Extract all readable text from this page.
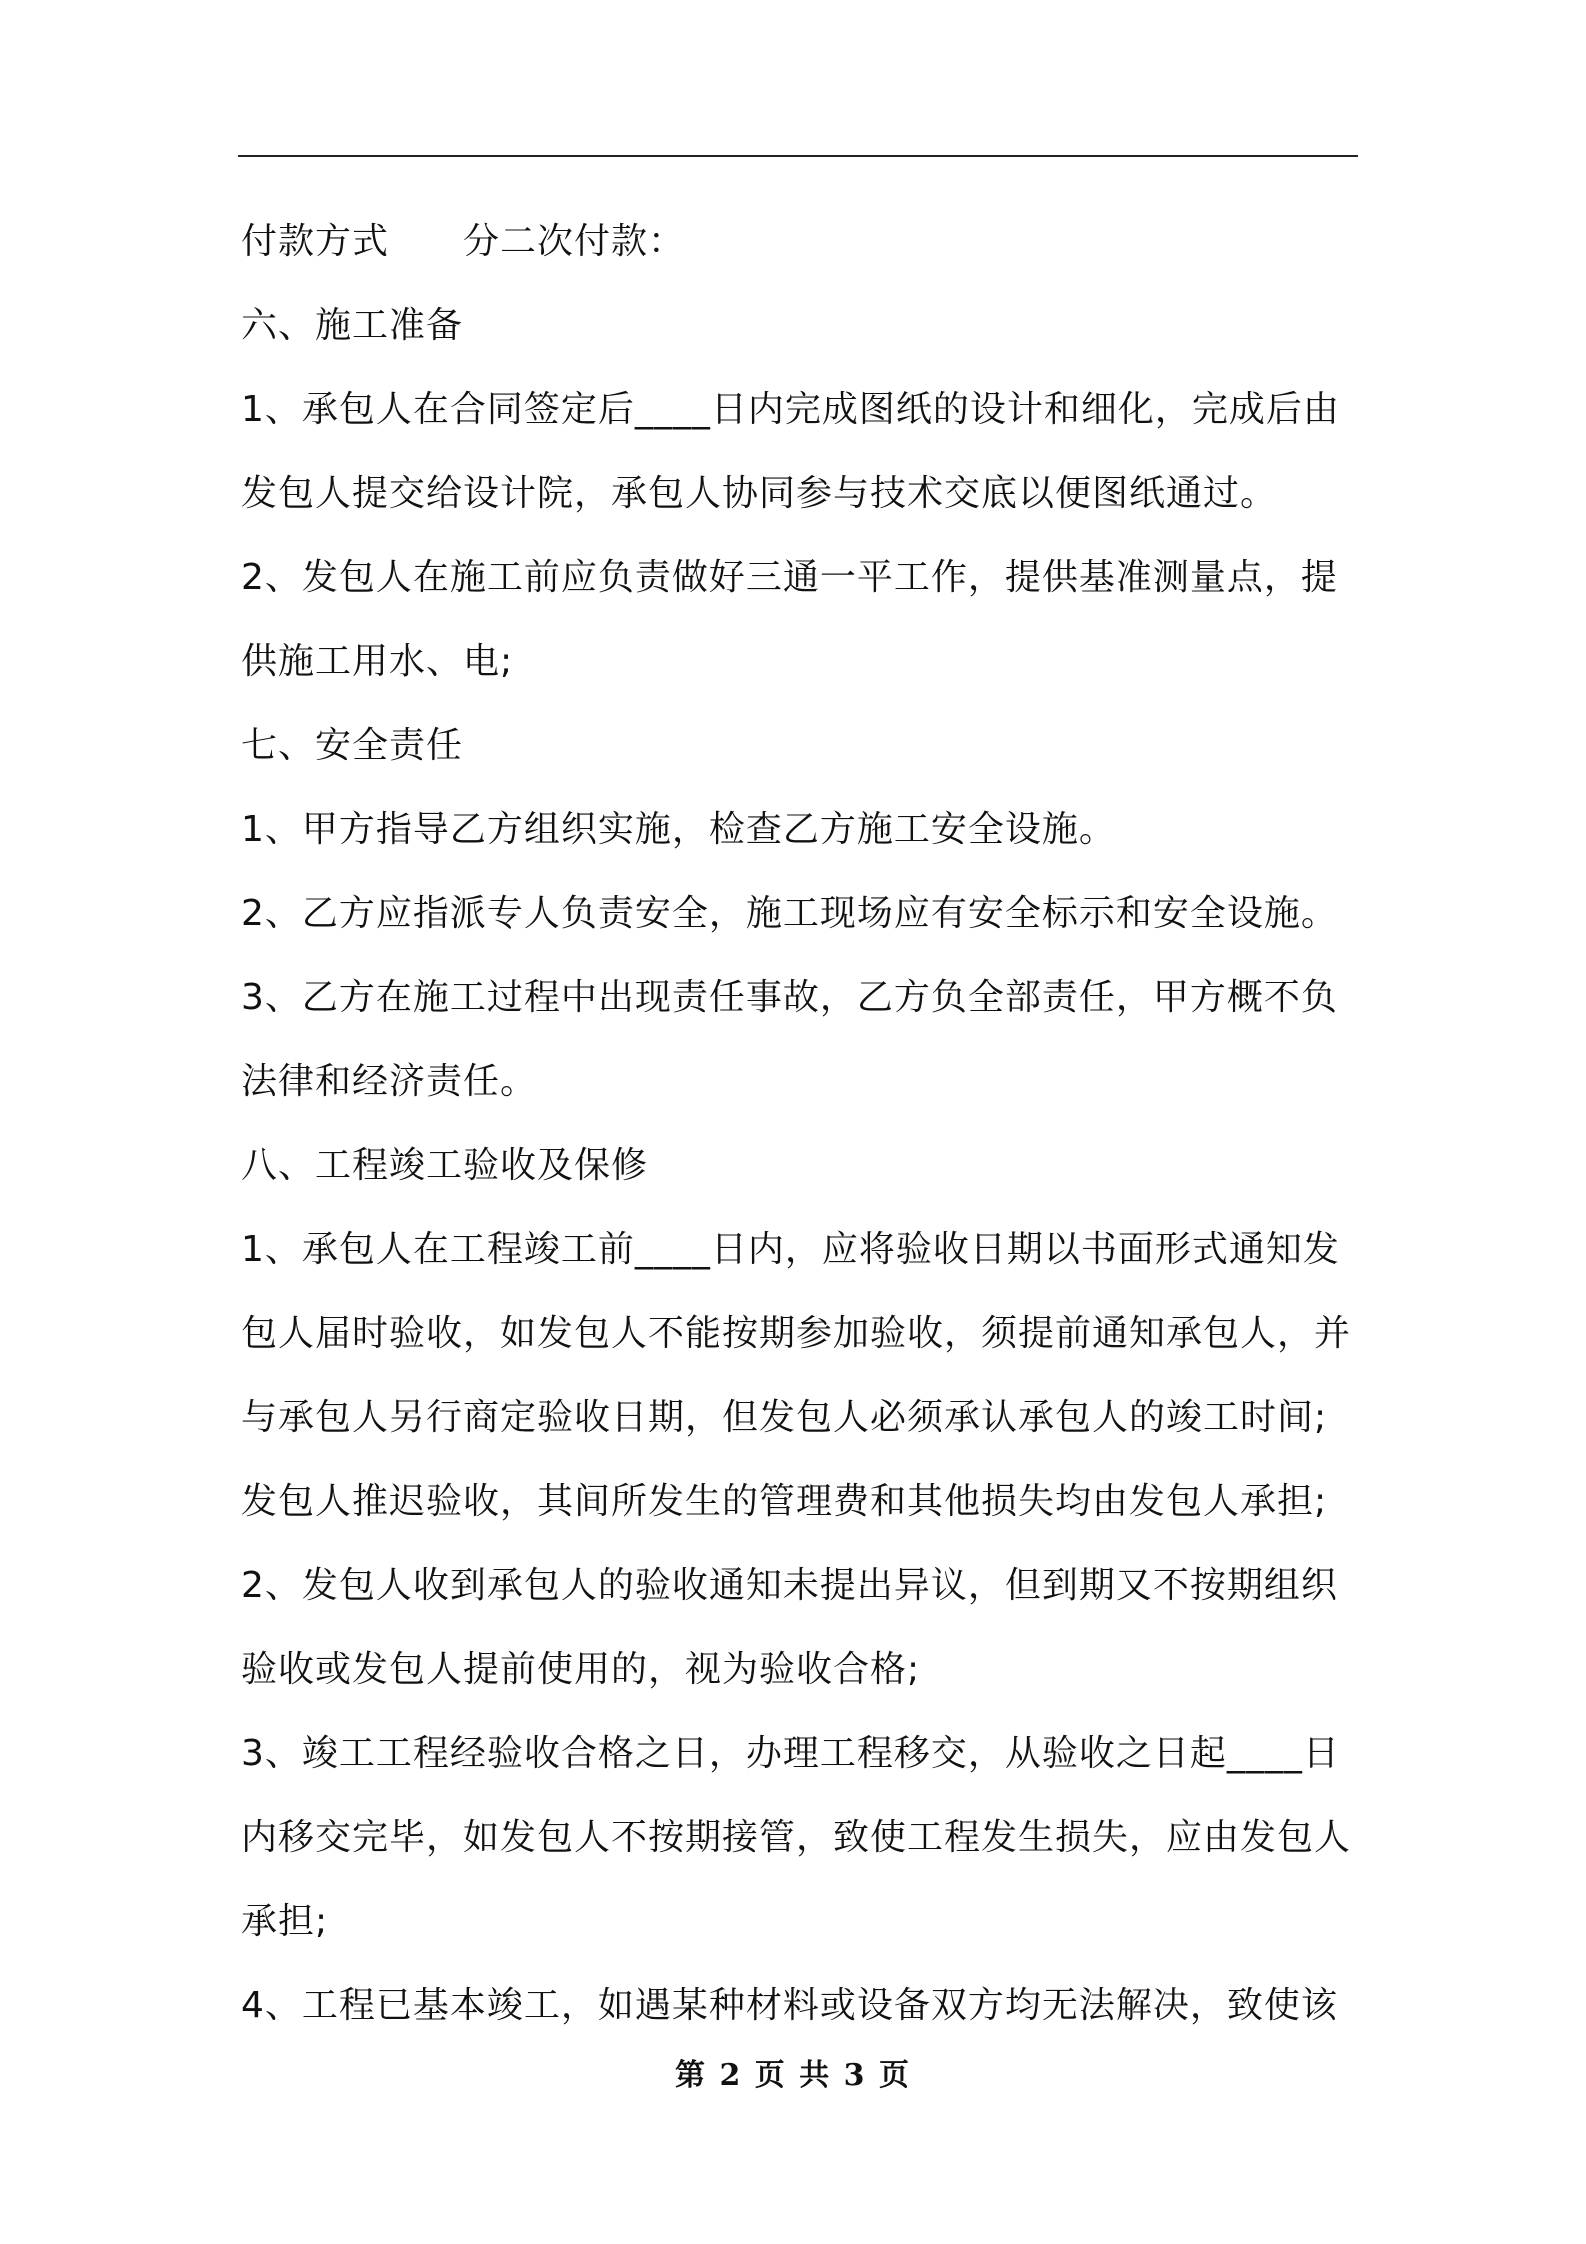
付款方式　　分二次付款：
六、施工准备
1、承包人在合同签定后____日内完成图纸的设计和细化，完成后由
发包人提交给设计院，承包人协同参与技术交底以便图纸通过。
2、发包人在施工前应负责做好三通一平工作，提供基准测量点，提
供施工用水、电;
七、安全责任
1、甲方指导乙方组织实施，检查乙方施工安全设施。
2、乙方应指派专人负责安全，施工现场应有安全标示和安全设施。
3、乙方在施工过程中出现责任事故，乙方负全部责任，甲方概不负
法律和经济责任。
八、工程竣工验收及保修
1、承包人在工程竣工前____日内，应将验收日期以书面形式通知发
包人届时验收，如发包人不能按期参加验收，须提前通知承包人，并
与承包人另行商定验收日期，但发包人必须承认承包人的竣工时间;
发包人推迟验收，其间所发生的管理费和其他损失均由发包人承担;
2、发包人收到承包人的验收通知未提出异议，但到期又不按期组织
验收或发包人提前使用的，视为验收合格;
3、竣工工程经验收合格之日，办理工程移交，从验收之日起____日
内移交完毕，如发包人不按期接管，致使工程发生损失，应由发包人
承担;
4、工程已基本竣工，如遇某种材料或设备双方均无法解决，致使该
第 2 页 共 3 页
